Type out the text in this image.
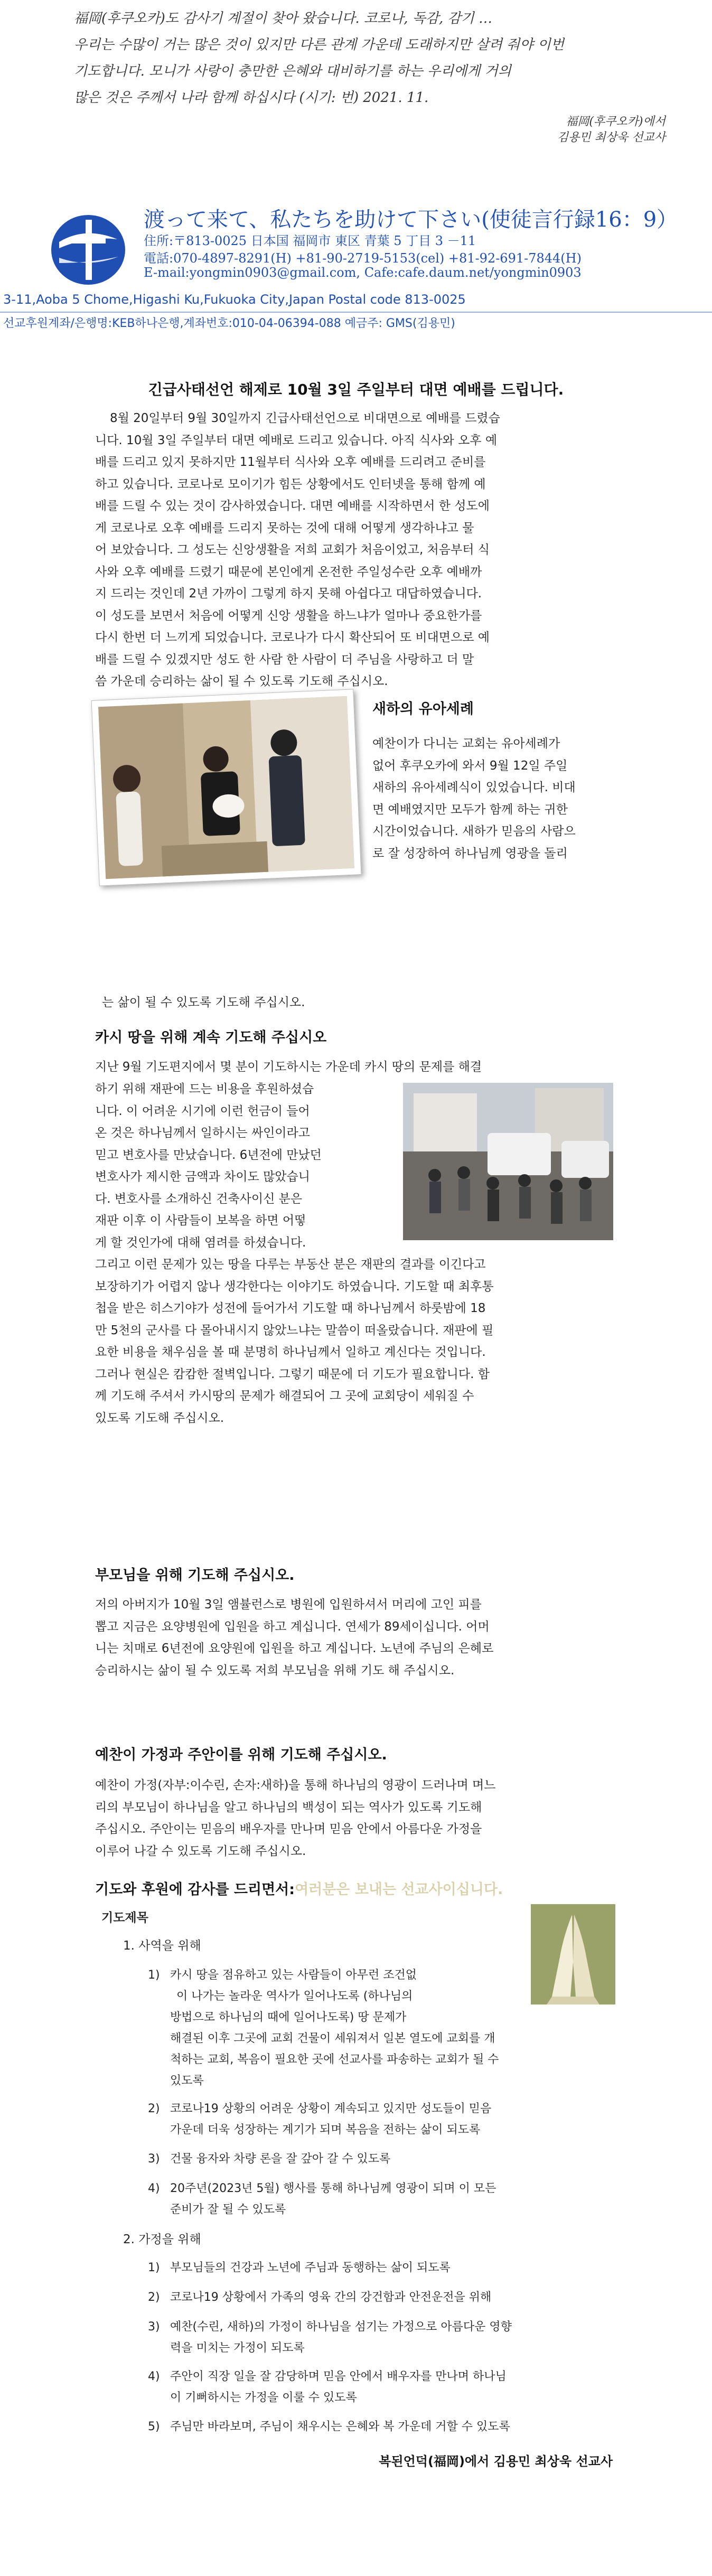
福岡(후쿠오카)도 감사기 계절이 찾아 왔습니다. 코로나, 독감, 감기 …

우리는 수많이 거는 많은 것이 있지만 다른 관계 가운데 도래하지만 살려 줘야 이번

기도합니다. 모니가 사랑이 충만한 은혜와 대비하기를 하는 우리에게 거의

많은 것은 주께서 나라 함께 하십시다 (시기: 번) 2021. 11.

福岡(후쿠오카)에서
김용민 최상욱 선교사
渡って来て、私たちを助けて下さい(使徒言行録16：9）
住所:〒813-0025 日本国 福岡市 東区 青葉 5 丁目 3 －11
電話:070-4897-8291(H) +81-90-2719-5153(cel) +81-92-691-7844(H)
E-mail:yongmin0903@gmail.com, Cafe:cafe.daum.net/yongmin0903
3-11,Aoba 5 Chome,Higashi Ku,Fukuoka City,Japan Postal code 813-0025
선교후원계좌/은행명:KEB하나은행,계좌번호:010-04-06394-088 예금주: GMS(김용민)
긴급사태선언 해제로 10월 3일 주일부터 대면 예배를 드립니다.
8월 20일부터 9월 30일까지 긴급사태선언으로 비대면으로 예배를 드렸습
니다. 10월 3일 주일부터 대면 예배로 드리고 있습니다. 아직 식사와 오후 예
배를 드리고 있지 못하지만 11월부터 식사와 오후 예배를 드리려고 준비를
하고 있습니다. 코로나로 모이기가 힘든 상황에서도 인터넷을 통해 함께 예
배를 드릴 수 있는 것이 감사하였습니다. 대면 예배를 시작하면서 한 성도에
게 코로나로 오후 예배를 드리지 못하는 것에 대해 어떻게 생각하냐고 물
어 보았습니다. 그 성도는 신앙생활을 저희 교회가 처음이었고, 처음부터 식
사와 오후 예배를 드렸기 때문에 본인에게 온전한 주일성수란 오후 예배까
지 드리는 것인데 2년 가까이 그렇게 하지 못해 아쉽다고 대답하였습니다.
이 성도를 보면서 처음에 어떻게 신앙 생활을 하느냐가 얼마나 중요한가를
다시 한번 더 느끼게 되었습니다. 코로나가 다시 확산되어 또 비대면으로 예
배를 드릴 수 있겠지만 성도 한 사람 한 사람이 더 주님을 사랑하고 더 말
씀 가운데 승리하는 삶이 될 수 있도록 기도해 주십시오.
새하의 유아세례
예찬이가 다니는 교회는 유아세례가
없어 후쿠오카에 와서 9월 12일 주일
새하의 유아세례식이 있었습니다. 비대
면 예배였지만 모두가 함께 하는 귀한
시간이었습니다. 새하가 믿음의 사람으
로 잘 성장하여 하나님께 영광을 돌리
는 삶이 될 수 있도록 기도해 주십시오.
카시 땅을 위해 계속 기도해 주십시오
지난 9월 기도편지에서 몇 분이 기도하시는 가운데 카시 땅의 문제를 해결
하기 위해 재판에 드는 비용을 후원하셨습
니다. 이 어려운 시기에 이런 헌금이 들어
온 것은 하나님께서 일하시는 싸인이라고
믿고 변호사를 만났습니다. 6년전에 만났던
변호사가 제시한 금액과 차이도 많았습니
다. 변호사를 소개하신 건축사이신 분은
재판 이후 이 사람들이 보복을 하면 어떻
게 할 것인가에 대해 염려를 하셨습니다.
그리고 이런 문제가 있는 땅을 다루는 부동산 분은 재판의 결과를 이긴다고
보장하기가 어렵지 않나 생각한다는 이야기도 하였습니다. 기도할 때 최후통
첩을 받은 히스기야가 성전에 들어가서 기도할 때 하나님께서 하룻밤에 18
만 5천의 군사를 다 몰아내시지 않았느냐는 말씀이 떠올랐습니다. 재판에 필
요한 비용을 채우심을 볼 때 분명히 하나님께서 일하고 계신다는 것입니다.
그러나 현실은 캄캄한 절벽입니다. 그렇기 때문에 더 기도가 필요합니다. 함
께 기도해 주셔서 카시땅의 문제가 해결되어 그 곳에 교회당이 세워질 수
있도록 기도해 주십시오.
부모님을 위해 기도해 주십시오.
저의 아버지가 10월 3일 앰뷸런스로 병원에 입원하셔서 머리에 고인 피를
뽑고 지금은 요양병원에 입원을 하고 계십니다. 연세가 89세이십니다. 어머
니는 치매로 6년전에 요양원에 입원을 하고 계십니다. 노년에 주님의 은혜로
승리하시는 삶이 될 수 있도록 저희 부모님을 위해 기도 해 주십시오.
예찬이 가정과 주안이를 위해 기도해 주십시오.
예찬이 가정(자부:이수린, 손자:새하)을 통해 하나님의 영광이 드러나며 며느
리의 부모님이 하나님을 알고 하나님의 백성이 되는 역사가 있도록 기도해
주십시오. 주안이는 믿음의 배우자를 만나며 믿음 안에서 아름다운 가정을
이루어 나갈 수 있도록 기도해 주십시오.
기도와 후원에 감사를 드리면서:여러분은 보내는 선교사이십니다.
기도제목
1. 사역을 위해
1) 카시 땅을 점유하고 있는 사람들이 아무런 조건없
이 나가는 놀라운 역사가 일어나도록 (하나님의
방법으로 하나님의 때에 일어나도록) 땅 문제가
해결된 이후 그곳에 교회 건물이 세워져서 일본 열도에 교회를 개
척하는 교회, 복음이 필요한 곳에 선교사를 파송하는 교회가 될 수
있도록
2) 코로나19 상황의 어려운 상황이 계속되고 있지만 성도들이 믿음
가운데 더욱 성장하는 계기가 되며 복음을 전하는 삶이 되도록
3) 건물 융자와 차량 론을 잘 갚아 갈 수 있도록
4) 20주년(2023년 5월) 행사를 통해 하나님께 영광이 되며 이 모든
준비가 잘 될 수 있도록
2. 가정을 위해
1) 부모님들의 건강과 노년에 주님과 동행하는 삶이 되도록
2) 코로나19 상황에서 가족의 영육 간의 강건함과 안전운전을 위해
3) 예찬(수린, 새하)의 가정이 하나님을 섬기는 가정으로 아름다운 영향
력을 미치는 가정이 되도록
4) 주안이 직장 일을 잘 감당하며 믿음 안에서 배우자를 만나며 하나님
이 기뻐하시는 가정을 이룰 수 있도록
5) 주님만 바라보며, 주님이 채우시는 은혜와 복 가운데 거할 수 있도록
복된언덕(福岡)에서 김용민 최상욱 선교사
